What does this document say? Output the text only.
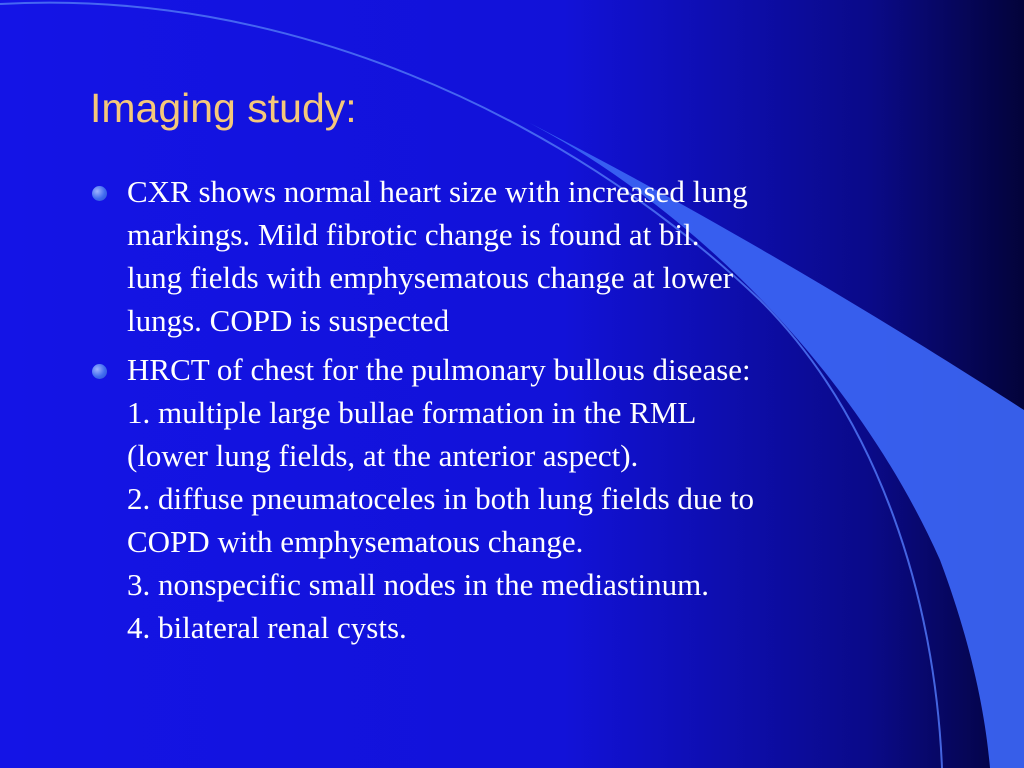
Imaging study:
CXR shows normal heart size with increased lung
markings. Mild fibrotic change is found at bil.
lung fields with emphysematous change at lower
lungs. COPD is suspected
HRCT of chest for the pulmonary bullous disease:
1. multiple large bullae formation in the RML
(lower lung fields, at the anterior aspect).
2. diffuse pneumatoceles in both lung fields due to
COPD with emphysematous change.
3. nonspecific small nodes in the mediastinum.
4. bilateral renal cysts.
